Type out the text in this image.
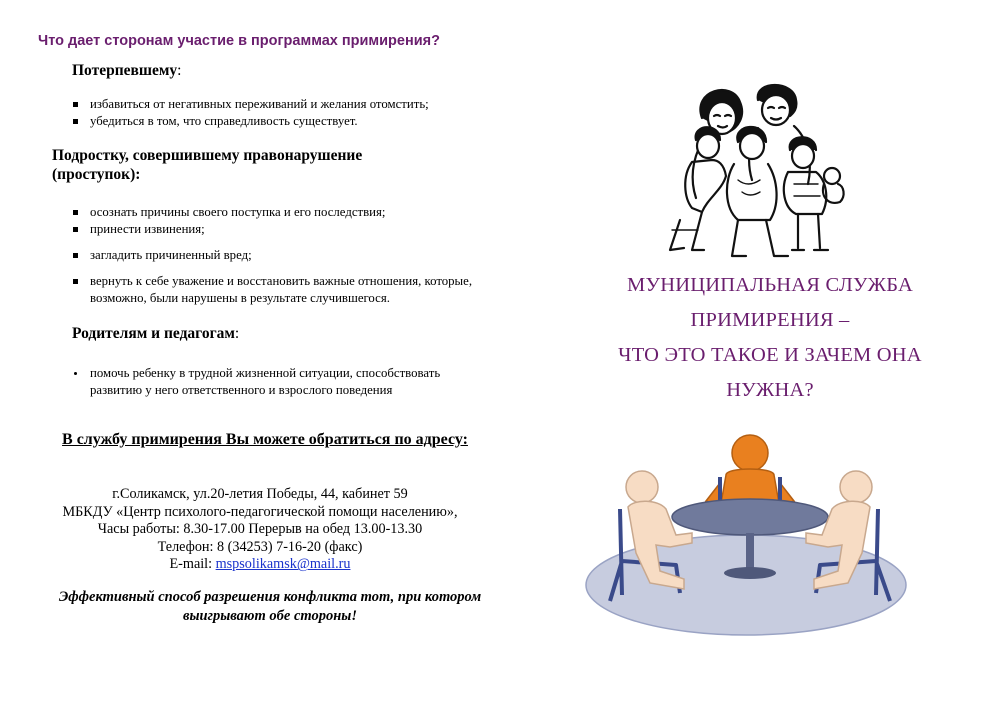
Что дает сторонам участие в программах примирения?
Потерпевшему:
избавиться от негативных переживаний и желания отомстить;
убедиться в том, что справедливость существует.
Подростку, совершившему правонарушение
(проступок):
осознать причины своего поступка и его последствия;
принести извинения;
загладить причиненный вред;
вернуть к себе уважение и восстановить важные отношения, которые, возможно, были нарушены в результате случившегося.
Родителям и педагогам:
помочь ребенку в трудной жизненной ситуации, способствовать развитию у него ответственного и взрослого поведения
В службу примирения Вы можете обратиться по адресу:
г.Соликамск, ул.20-летия Победы, 44, кабинет 59
МБКДУ «Центр психолого-педагогической помощи населению»,
Часы работы: 8.30-17.00 Перерыв на обед 13.00-13.30
Телефон: 8 (34253) 7-16-20 (факс)
E-mail: mspsolikamsk@mail.ru
Эффективный способ разрешения конфликта тот, при котором выигрывают обе стороны!
МУНИЦИПАЛЬНАЯ СЛУЖБА
ПРИМИРЕНИЯ –
ЧТО ЭТО ТАКОЕ И ЗАЧЕМ ОНА
НУЖНА?
